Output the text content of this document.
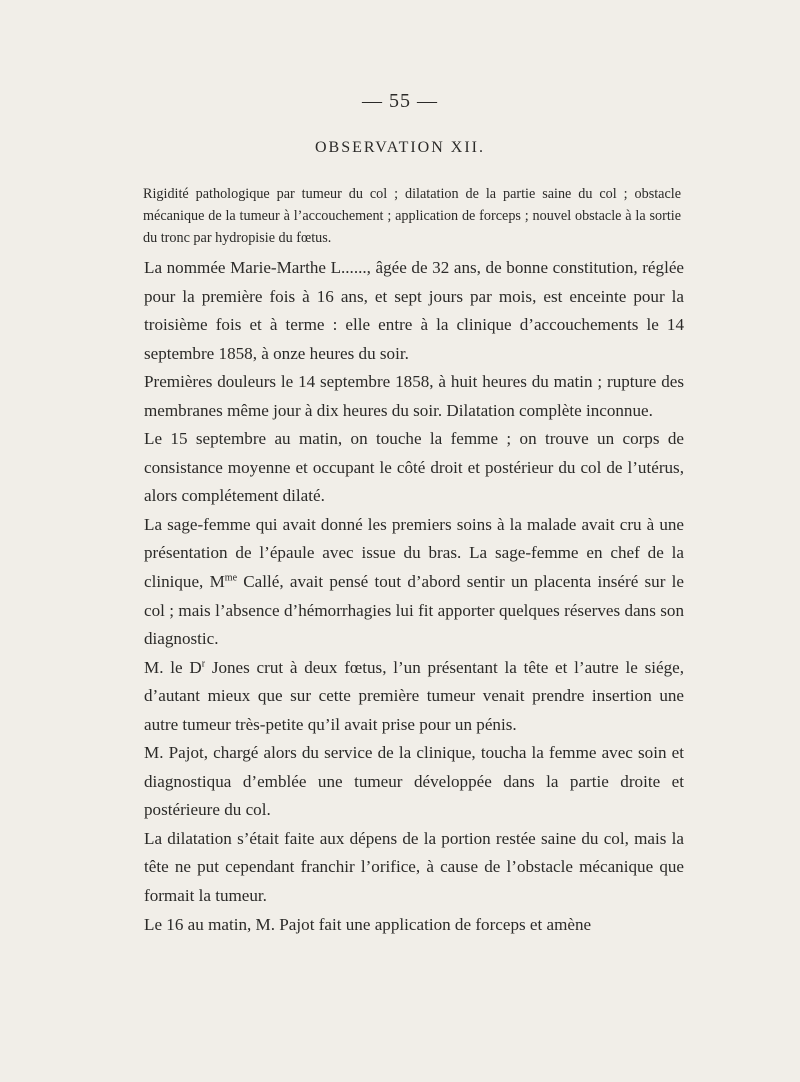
— 55 —
OBSERVATION XII.

Rigidité pathologique par tumeur du col ; dilatation de la partie saine du col ; obstacle mécanique de la tumeur à l’accouchement ; application de forceps ; nouvel obstacle à la sortie du tronc par hydropisie du fœtus.

La nommée Marie-Marthe L......, âgée de 32 ans, de bonne constitution, réglée pour la première fois à 16 ans, et sept jours par mois, est enceinte pour la troisième fois et à terme : elle entre à la clinique d’accouchements le 14 septembre 1858, à onze heures du soir.

Premières douleurs le 14 septembre 1858, à huit heures du matin ; rupture des membranes même jour à dix heures du soir. Dilatation complète inconnue.

Le 15 septembre au matin, on touche la femme ; on trouve un corps de consistance moyenne et occupant le côté droit et postérieur du col de l’utérus, alors complétement dilaté.

La sage-femme qui avait donné les premiers soins à la malade avait cru à une présentation de l’épaule avec issue du bras. La sage-femme en chef de la clinique, $M^{me}$ Callé, avait pensé tout d’abord sentir un placenta inséré sur le col ; mais l’absence d’hémorrhagies lui fit apporter quelques réserves dans son diagnostic.

M. le $D^r$ Jones crut à deux fœtus, l’un présentant la tête et l’autre le siége, d’autant mieux que sur cette première tumeur venait prendre insertion une autre tumeur très-petite qu’il avait prise pour un pénis.

M. Pajot, chargé alors du service de la clinique, toucha la femme avec soin et diagnostiqua d’emblée une tumeur développée dans la partie droite et postérieure du col.

La dilatation s’était faite aux dépens de la portion restée saine du col, mais la tête ne put cependant franchir l’orifice, à cause de l’obstacle mécanique que formait la tumeur.

Le 16 au matin, M. Pajot fait une application de forceps et amène
